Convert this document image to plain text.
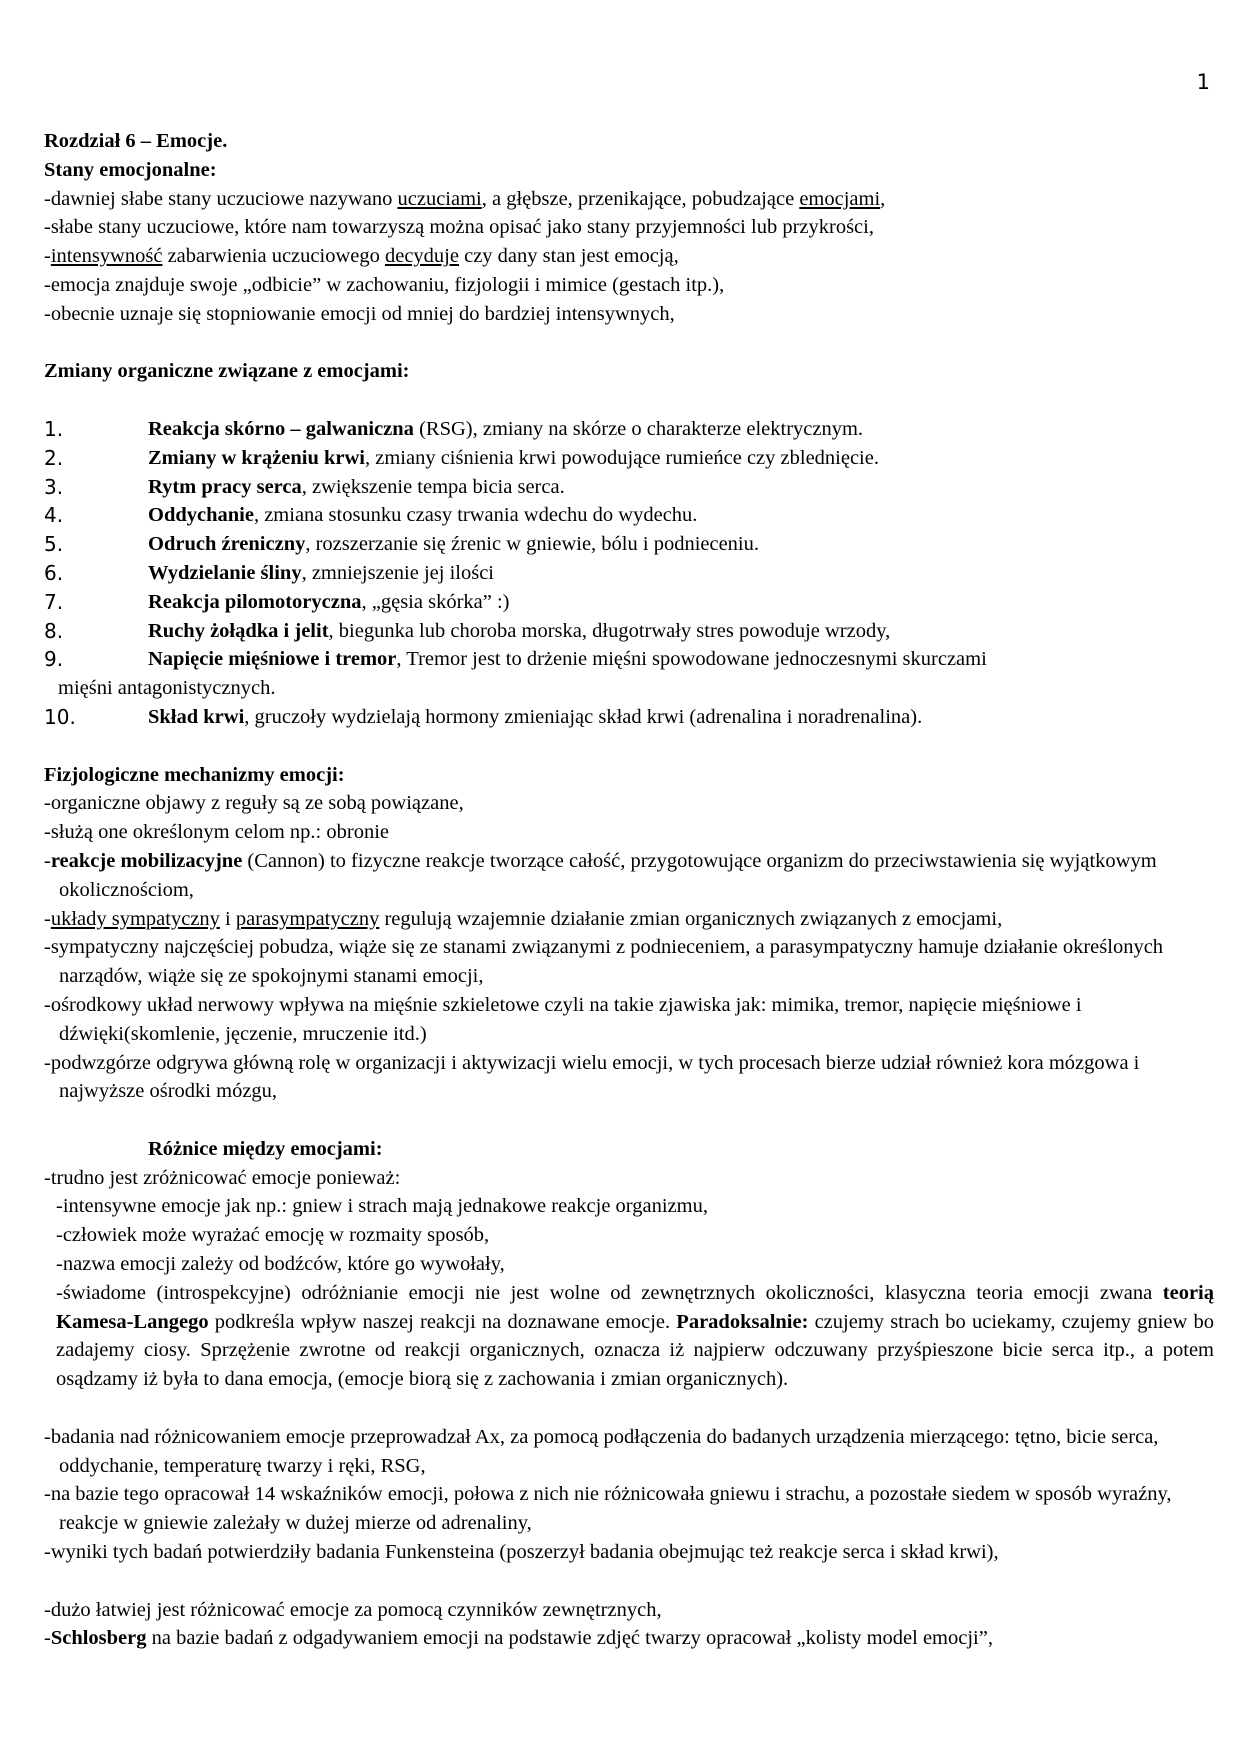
1
Rozdział 6 – Emocje.
Stany emocjonalne:
-dawniej słabe stany uczuciowe nazywano uczuciami, a głębsze, przenikające, pobudzające emocjami,
-słabe stany uczuciowe, które nam towarzyszą można opisać jako stany przyjemności lub przykrości,
-intensywność zabarwienia uczuciowego decyduje czy dany stan jest emocją,
-emocja znajduje swoje „odbicie” w zachowaniu, fizjologii i mimice (gestach itp.),
-obecnie uznaje się stopniowanie emocji od mniej do bardziej intensywnych,
Zmiany organiczne związane z emocjami:
1.	Reakcja skórno – galwaniczna (RSG), zmiany na skórze o charakterze elektrycznym.
2.	Zmiany w krążeniu krwi, zmiany ciśnienia krwi powodujące rumieńce czy zblednięcie.
3.	Rytm pracy serca, zwiększenie tempa bicia serca.
4.	Oddychanie, zmiana stosunku czasy trwania wdechu do wydechu.
5.	Odruch źreniczny, rozszerzanie się źrenic w gniewie, bólu i podnieceniu.
6.	Wydzielanie śliny, zmniejszenie jej ilości
7.	Reakcja pilomotoryczna, „gęsia skórka” :)
8.	Ruchy żołądka i jelit, biegunka lub choroba morska, długotrwały stres powoduje wrzody,
9.	Napięcie mięśniowe i tremor, Tremor jest to drżenie mięśni spowodowane jednoczesnymi skurczami
mięśni antagonistycznych.
10.	Skład krwi, gruczoły wydzielają hormony zmieniając skład krwi (adrenalina i noradrenalina).
Fizjologiczne mechanizmy emocji:
-organiczne objawy z reguły są ze sobą powiązane,
-służą one określonym celom np.: obronie
-reakcje mobilizacyjne (Cannon) to fizyczne reakcje tworzące całość, przygotowujące organizm do przeciwstawienia się wyjątkowym okolicznościom,
-układy sympatyczny i parasympatyczny regulują wzajemnie działanie zmian organicznych związanych z emocjami,
-sympatyczny najczęściej pobudza, wiąże się ze stanami związanymi z podnieceniem, a parasympatyczny hamuje działanie określonych narządów, wiąże się ze spokojnymi stanami emocji,
-ośrodkowy układ nerwowy wpływa na mięśnie szkieletowe czyli na takie zjawiska jak: mimika, tremor, napięcie mięśniowe i dźwięki(skomlenie, jęczenie, mruczenie itd.)
-podwzgórze odgrywa główną rolę w organizacji i aktywizacji wielu emocji, w tych procesach bierze udział również kora mózgowa i najwyższe ośrodki mózgu,
Różnice między emocjami:
-trudno jest zróżnicować emocje ponieważ:
-intensywne emocje jak np.: gniew i strach mają jednakowe reakcje organizmu,
-człowiek może wyrażać emocję w rozmaity sposób,
-nazwa emocji zależy od bodźców, które go wywołały,
-świadome (introspekcyjne) odróżnianie emocji nie jest wolne od zewnętrznych okoliczności, klasyczna teoria emocji zwana teorią Kamesa-Langego podkreśla wpływ naszej reakcji na doznawane emocje. Paradoksalnie: czujemy strach bo uciekamy, czujemy gniew bo zadajemy ciosy. Sprzężenie zwrotne od reakcji organicznych, oznacza iż najpierw odczuwany przyśpieszone bicie serca itp., a potem osądzamy iż była to dana emocja, (emocje biorą się z zachowania i zmian organicznych).
-badania nad różnicowaniem emocje przeprowadzał Ax, za pomocą podłączenia do badanych urządzenia mierzącego: tętno, bicie serca, oddychanie, temperaturę twarzy i ręki, RSG,
-na bazie tego opracował 14 wskaźników emocji, połowa z nich nie różnicowała gniewu i strachu, a pozostałe siedem w sposób wyraźny, reakcje w gniewie zależały w dużej mierze od adrenaliny,
-wyniki tych badań potwierdziły badania Funkensteina (poszerzył badania obejmując też reakcje serca i skład krwi),
-dużo łatwiej jest różnicować emocje za pomocą czynników zewnętrznych,
-Schlosberg na bazie badań z odgadywaniem emocji na podstawie zdjęć twarzy opracował „kolisty model emocji”,
